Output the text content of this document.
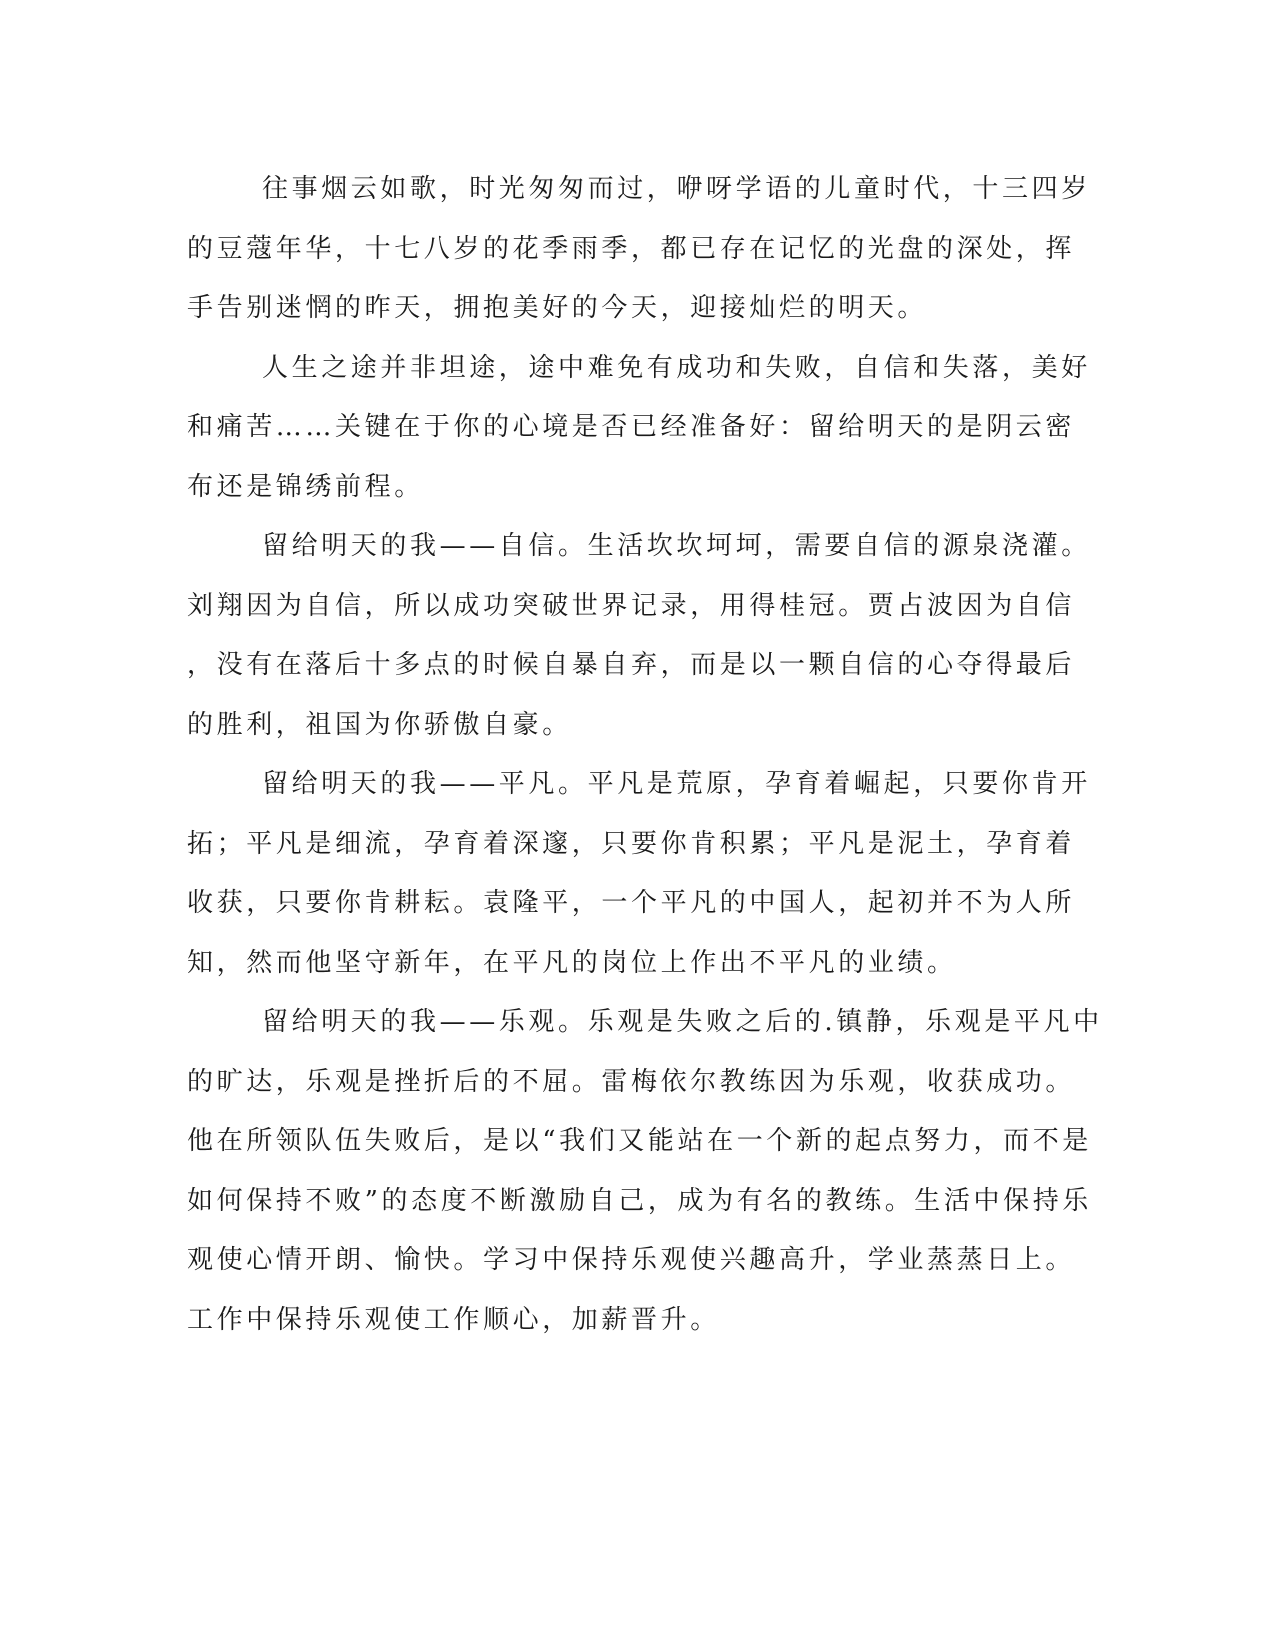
往事烟云如歌，时光匆匆而过，咿呀学语的儿童时代，十三四岁
的豆蔻年华，十七八岁的花季雨季，都已存在记忆的光盘的深处，挥
手告别迷惘的昨天，拥抱美好的今天，迎接灿烂的明天。
人生之途并非坦途，途中难免有成功和失败，自信和失落，美好
和痛苦……关键在于你的心境是否已经准备好：留给明天的是阴云密
布还是锦绣前程。
留给明天的我——自信。生活坎坎坷坷，需要自信的源泉浇灌。
刘翔因为自信，所以成功突破世界记录，用得桂冠。贾占波因为自信
，没有在落后十多点的时候自暴自弃，而是以一颗自信的心夺得最后
的胜利，祖国为你骄傲自豪。
留给明天的我——平凡。平凡是荒原，孕育着崛起，只要你肯开
拓；平凡是细流，孕育着深邃，只要你肯积累；平凡是泥土，孕育着
收获，只要你肯耕耘。袁隆平，一个平凡的中国人，起初并不为人所
知，然而他坚守新年，在平凡的岗位上作出不平凡的业绩。
留给明天的我——乐观。乐观是失败之后的.镇静，乐观是平凡中
的旷达，乐观是挫折后的不屈。雷梅依尔教练因为乐观，收获成功。
他在所领队伍失败后，是以“我们又能站在一个新的起点努力，而不是
如何保持不败”的态度不断激励自己，成为有名的教练。生活中保持乐
观使心情开朗、愉快。学习中保持乐观使兴趣高升，学业蒸蒸日上。
工作中保持乐观使工作顺心，加薪晋升。
